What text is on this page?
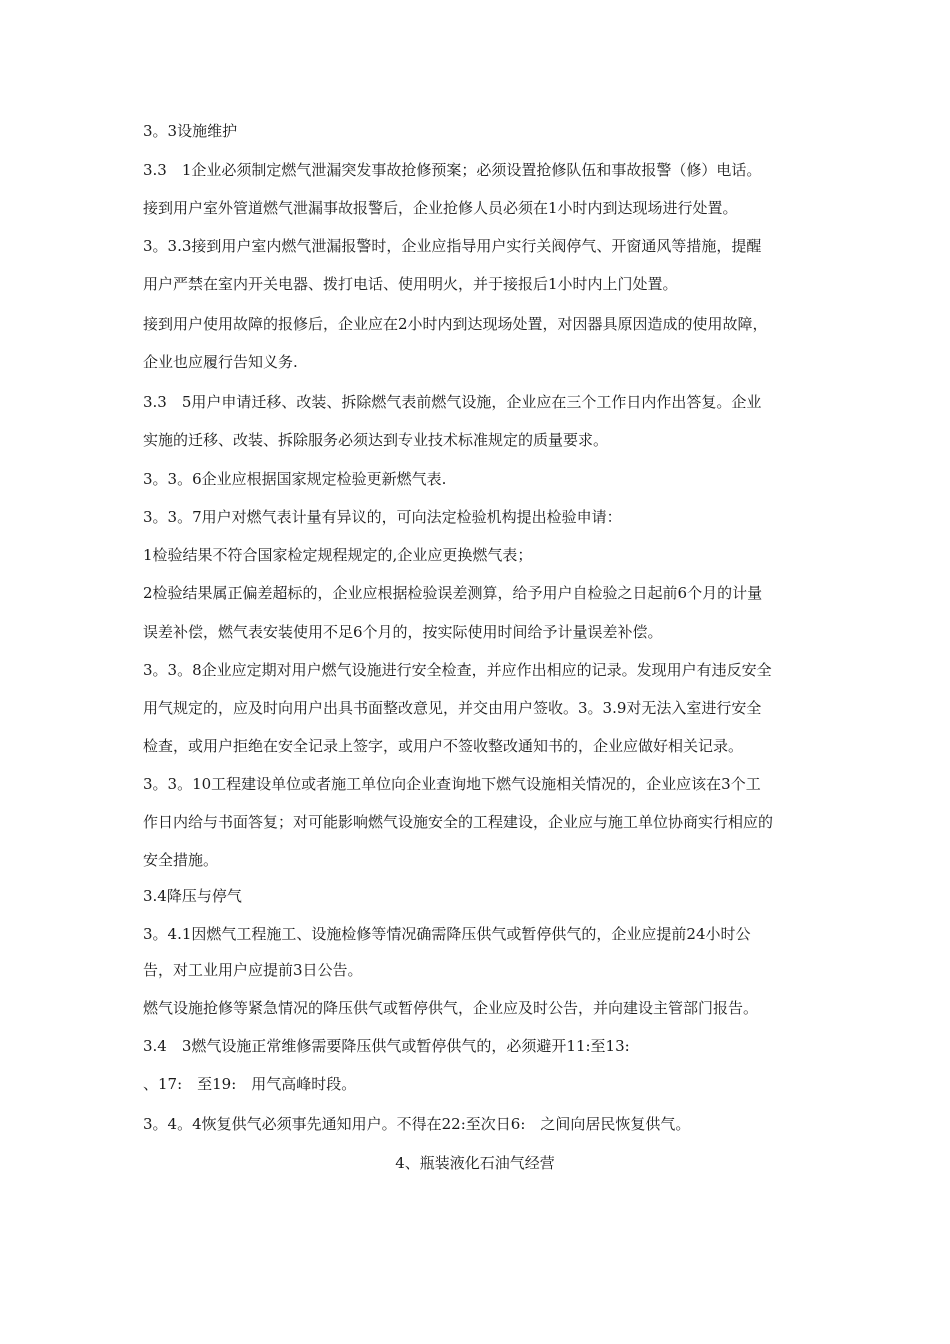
3。3设施维护
3.3　1企业必须制定燃气泄漏突发事故抢修预案；必须设置抢修队伍和事故报警（修）电话。
接到用户室外管道燃气泄漏事故报警后，企业抢修人员必须在1小时内到达现场进行处置。
3。3.3接到用户室内燃气泄漏报警时，企业应指导用户实行关阀停气、开窗通风等措施，提醒
用户严禁在室内开关电器、拨打电话、使用明火，并于接报后1小时内上门处置。
接到用户使用故障的报修后，企业应在2小时内到达现场处置，对因器具原因造成的使用故障，
企业也应履行告知义务.
3.3　5用户申请迁移、改装、拆除燃气表前燃气设施，企业应在三个工作日内作出答复。企业
实施的迁移、改装、拆除服务必须达到专业技术标准规定的质量要求。
3。3。6企业应根据国家规定检验更新燃气表.
3。3。7用户对燃气表计量有异议的，可向法定检验机构提出检验申请：
1检验结果不符合国家检定规程规定的,企业应更换燃气表；
2检验结果属正偏差超标的，企业应根据检验误差测算，给予用户自检验之日起前6个月的计量
误差补偿，燃气表安装使用不足6个月的，按实际使用时间给予计量误差补偿。
3。3。8企业应定期对用户燃气设施进行安全检查，并应作出相应的记录。发现用户有违反安全
用气规定的，应及时向用户出具书面整改意见，并交由用户签收。3。3.9对无法入室进行安全
检查，或用户拒绝在安全记录上签字，或用户不签收整改通知书的，企业应做好相关记录。
3。3。10工程建设单位或者施工单位向企业查询地下燃气设施相关情况的，企业应该在3个工
作日内给与书面答复；对可能影响燃气设施安全的工程建设，企业应与施工单位协商实行相应的
安全措施。
3.4降压与停气
3。4.1因燃气工程施工、设施检修等情况确需降压供气或暂停供气的，企业应提前24小时公
告，对工业用户应提前3日公告。
燃气设施抢修等紧急情况的降压供气或暂停供气，企业应及时公告，并向建设主管部门报告。
3.4　3燃气设施正常维修需要降压供气或暂停供气的，必须避开11:至13:
、17:　至19:　用气高峰时段。
3。4。4恢复供气必须事先通知用户。不得在22:至次日6:　之间向居民恢复供气。
4、瓶装液化石油气经营
